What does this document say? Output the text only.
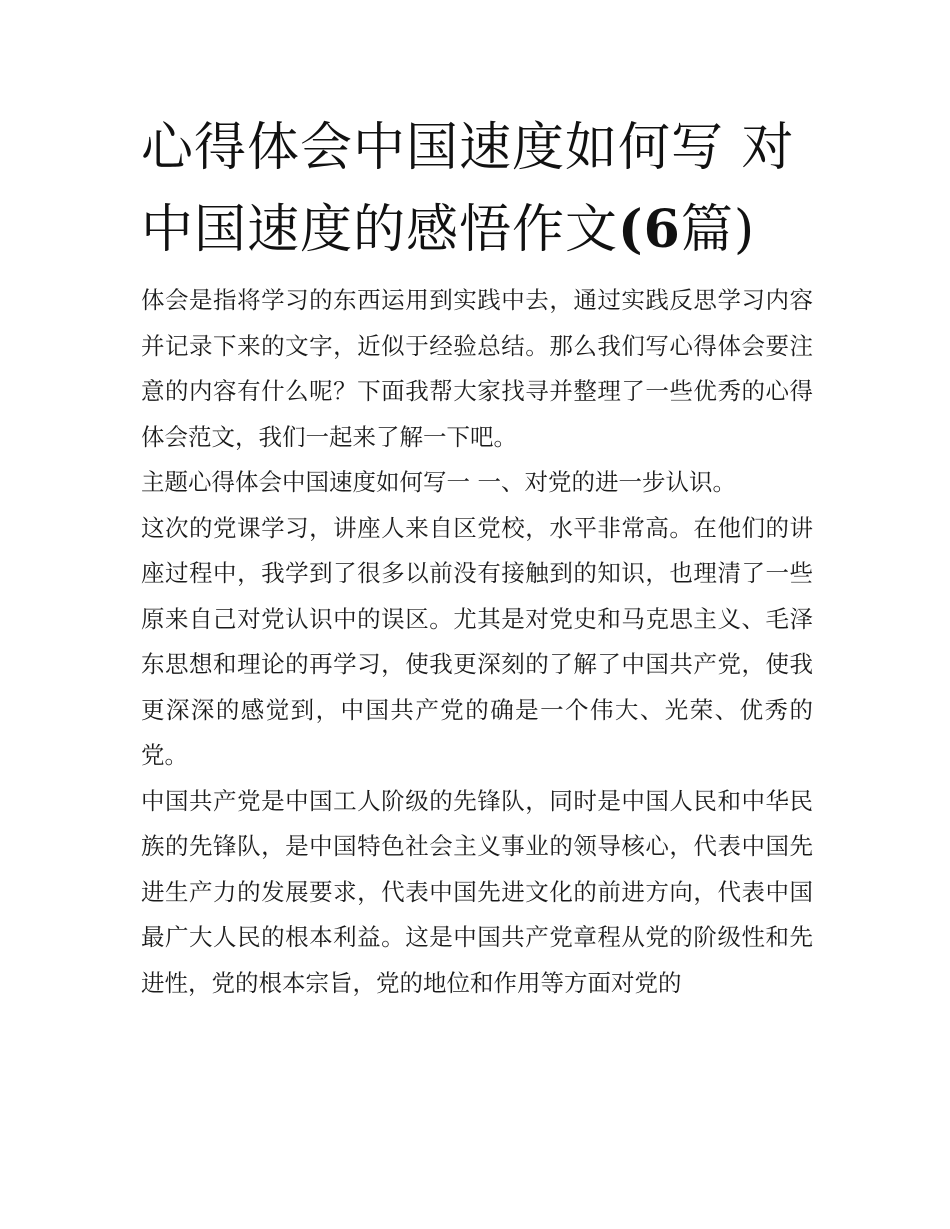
心得体会中国速度如何写 对中国速度的感悟作文(6篇)

体会是指将学习的东西运用到实践中去，通过实践反思学习内容并记录下来的文字，近似于经验总结。那么我们写心得体会要注意的内容有什么呢？下面我帮大家找寻并整理了一些优秀的心得体会范文，我们一起来了解一下吧。

主题心得体会中国速度如何写一 一、对党的进一步认识。

这次的党课学习，讲座人来自区党校，水平非常高。在他们的讲座过程中，我学到了很多以前没有接触到的知识，也理清了一些原来自己对党认识中的误区。尤其是对党史和马克思主义、毛泽东思想和理论的再学习，使我更深刻的了解了中国共产党，使我更深深的感觉到，中国共产党的确是一个伟大、光荣、优秀的党。

中国共产党是中国工人阶级的先锋队，同时是中国人民和中华民族的先锋队，是中国特色社会主义事业的领导核心，代表中国先进生产力的发展要求，代表中国先进文化的前进方向，代表中国最广大人民的根本利益。这是中国共产党章程从党的阶级性和先进性，党的根本宗旨，党的地位和作用等方面对党的
